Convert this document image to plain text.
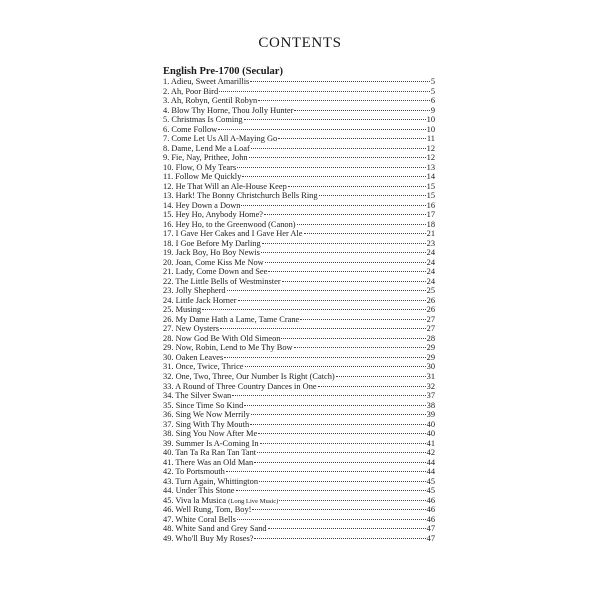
CONTENTS
English Pre-1700 (Secular)
1. Adieu, Sweet Amarillis	5
2. Ah, Poor Bird	5
3. Ah, Robyn, Gentil Robyn	6
4. Blow Thy Horne, Thou Jolly Hunter	9
5. Christmas Is Coming	10
6. Come Follow	10
7. Come Let Us All A-Maying Go	11
8. Dame, Lend Me a Loaf	12
9. Fie, Nay, Prithee, John	12
10. Flow, O My Tears	13
11. Follow Me Quickly	14
12. He That Will an Ale-House Keep	15
13. Hark! The Bonny Christchurch Bells Ring	15
14. Hey Down a Down	16
15. Hey Ho, Anybody Home?	17
16. Hey Ho, to the Greenwood (Canon)	18
17. I Gave Her Cakes and I Gave Her Ale	21
18. I Goe Before My Darling	23
19. Jack Boy, Ho Boy Newis	24
20. Joan, Come Kiss Me Now	24
21. Lady, Come Down and See	24
22. The Little Bells of Westminster	24
23. Jolly Shepherd	25
24. Little Jack Horner	26
25. Musing	26
26. My Dame Hath a Lame, Tame Crane	27
27. New Oysters	27
28. Now God Be With Old Simeon	28
29. Now, Robin, Lend to Me Thy Bow	29
30. Oaken Leaves	29
31. Once, Twice, Thrice	30
32. One, Two, Three, Our Number Is Right (Catch)	31
33. A Round of Three Country Dances in One	32
34. The Silver Swan	37
35. Since Time So Kind	38
36. Sing We Now Merrily	39
37. Sing With Thy Mouth	40
38. Sing You Now After Me	40
39. Summer Is A-Coming In	41
40. Tan Ta Ra Ran Tan Tant	42
41. There Was an Old Man	44
42. To Portsmouth	44
43. Turn Again, Whittington	45
44. Under This Stone	45
45. Viva la Musica (Long Live Music)	46
46. Well Rung, Tom, Boy!	46
47. White Coral Bells	46
48. White Sand and Grey Sand	47
49. Who'll Buy My Roses?	47
